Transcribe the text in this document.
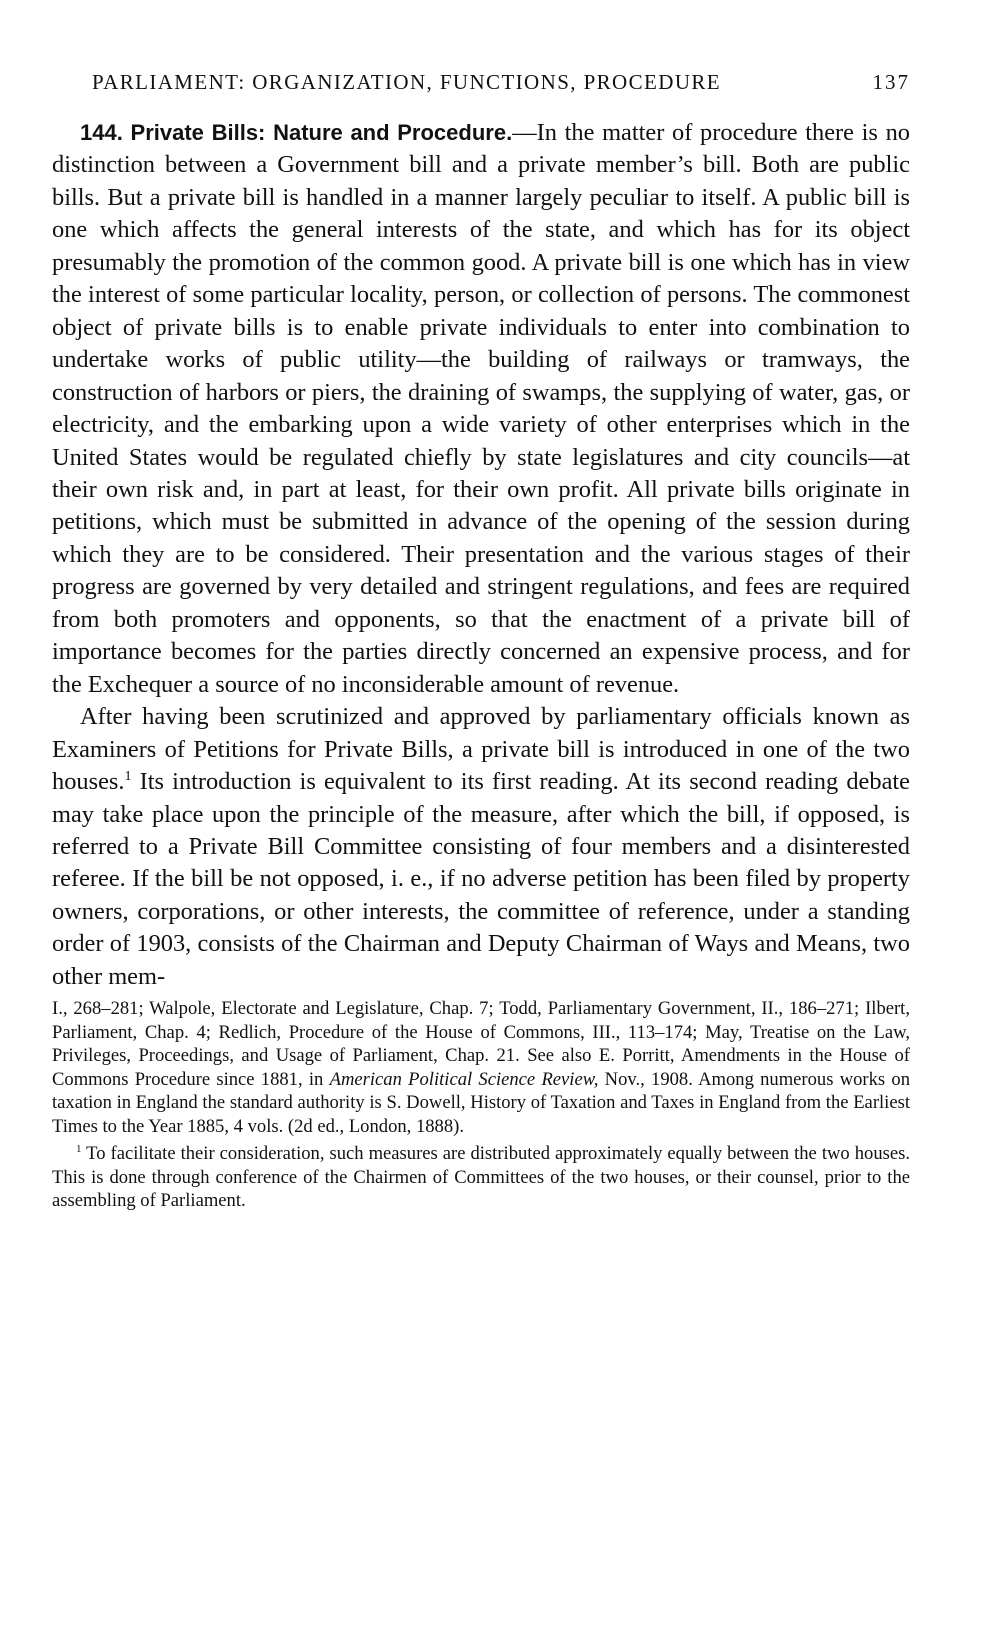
PARLIAMENT: ORGANIZATION, FUNCTIONS, PROCEDURE	137

144. Private Bills: Nature and Procedure.—In the matter of procedure there is no distinction between a Government bill and a private member’s bill. Both are public bills. But a private bill is handled in a manner largely peculiar to itself. A public bill is one which affects the general interests of the state, and which has for its object presumably the promotion of the common good. A private bill is one which has in view the interest of some particular locality, person, or collection of persons. The commonest object of private bills is to enable private individuals to enter into combination to undertake works of public utility—the building of railways or tramways, the construction of harbors or piers, the draining of swamps, the supplying of water, gas, or electricity, and the embarking upon a wide variety of other enterprises which in the United States would be regulated chiefly by state legislatures and city councils—at their own risk and, in part at least, for their own profit. All private bills originate in petitions, which must be submitted in advance of the opening of the session during which they are to be considered. Their presentation and the various stages of their progress are governed by very detailed and stringent regulations, and fees are required from both promoters and opponents, so that the enactment of a private bill of importance becomes for the parties directly concerned an expensive process, and for the Exchequer a source of no inconsiderable amount of revenue.

After having been scrutinized and approved by parliamentary officials known as Examiners of Petitions for Private Bills, a private bill is introduced in one of the two houses.$^1$ Its introduction is equivalent to its first reading. At its second reading debate may take place upon the principle of the measure, after which the bill, if opposed, is referred to a Private Bill Committee consisting of four members and a disinterested referee. If the bill be not opposed, i. e., if no adverse petition has been filed by property owners, corporations, or other interests, the committee of reference, under a standing order of 1903, consists of the Chairman and Deputy Chairman of Ways and Means, two other mem-

I., 268–281; Walpole, Electorate and Legislature, Chap. 7; Todd, Parliamentary Government, II., 186–271; Ilbert, Parliament, Chap. 4; Redlich, Procedure of the House of Commons, III., 113–174; May, Treatise on the Law, Privileges, Proceedings, and Usage of Parliament, Chap. 21. See also E. Porritt, Amendments in the House of Commons Procedure since 1881, in American Political Science Review, Nov., 1908. Among numerous works on taxation in England the standard authority is S. Dowell, History of Taxation and Taxes in England from the Earliest Times to the Year 1885, 4 vols. (2d ed., London, 1888).

$^1$ To facilitate their consideration, such measures are distributed approximately equally between the two houses. This is done through conference of the Chairmen of Committees of the two houses, or their counsel, prior to the assembling of Parliament.
